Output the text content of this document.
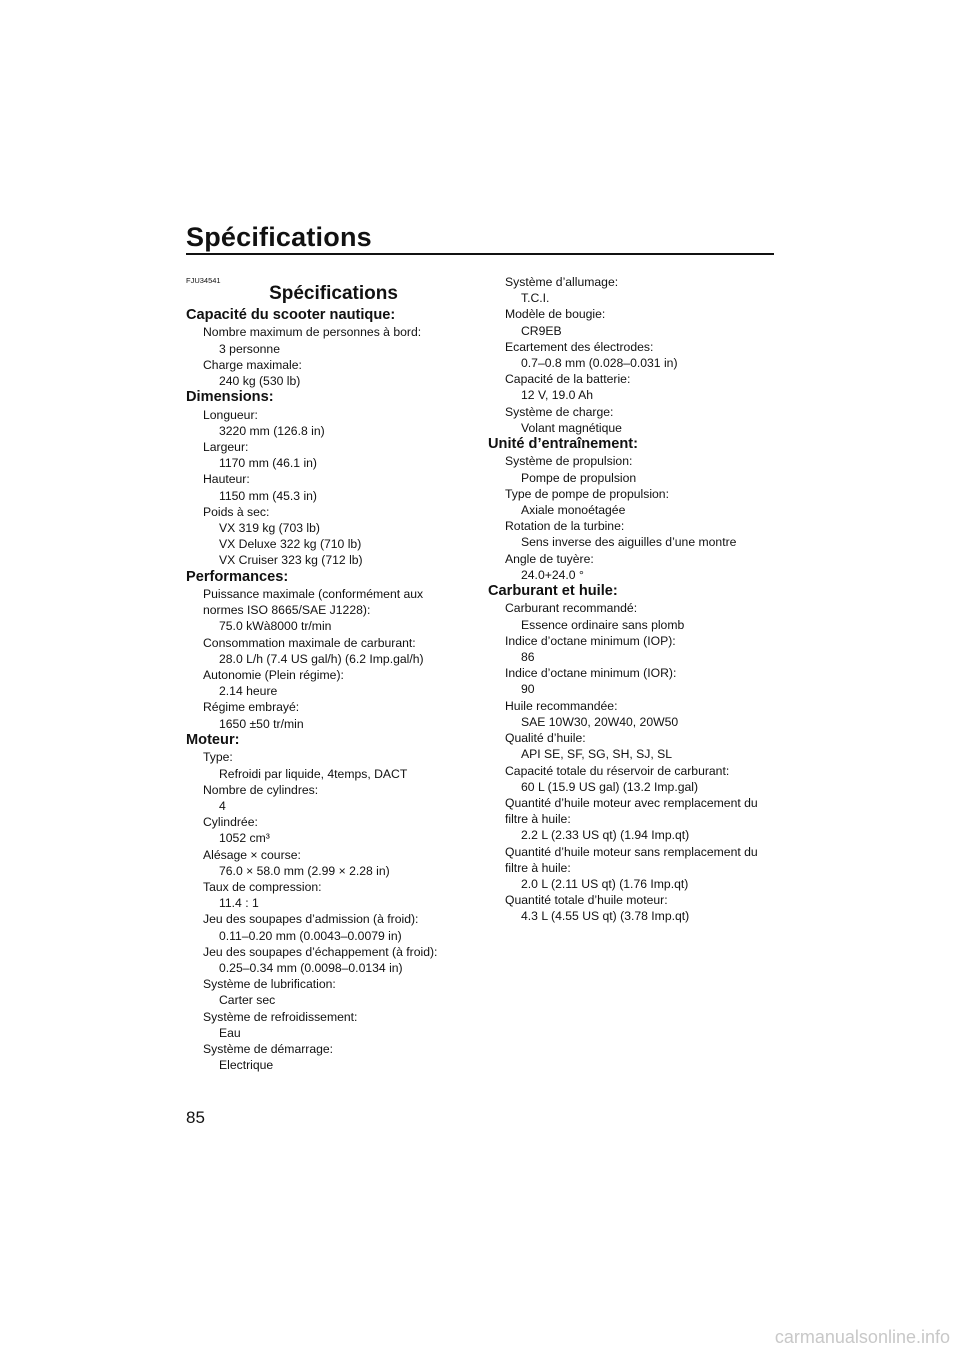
Spécifications
FJU34541
Spécifications
Capacité du scooter nautique:
Nombre maximum de personnes à bord:
3 personne
Charge maximale:
240 kg (530 lb)
Dimensions:
Longueur:
3220 mm (126.8 in)
Largeur:
1170 mm (46.1 in)
Hauteur:
1150 mm (45.3 in)
Poids à sec:
VX 319 kg (703 lb)
VX Deluxe 322 kg (710 lb)
VX Cruiser 323 kg (712 lb)
Performances:
Puissance maximale (conformément aux
normes ISO 8665/SAE J1228):
75.0 kWà8000 tr/min
Consommation maximale de carburant:
28.0 L/h (7.4 US gal/h) (6.2 Imp.gal/h)
Autonomie (Plein régime):
2.14 heure
Régime embrayé:
1650 ±50 tr/min
Moteur:
Type:
Refroidi par liquide, 4temps, DACT
Nombre de cylindres:
4
Cylindrée:
1052 cm³
Alésage × course:
76.0 × 58.0 mm (2.99 × 2.28 in)
Taux de compression:
11.4 : 1
Jeu des soupapes d’admission (à froid):
0.11–0.20 mm (0.0043–0.0079 in)
Jeu des soupapes d’échappement (à froid):
0.25–0.34 mm (0.0098–0.0134 in)
Système de lubrification:
Carter sec
Système de refroidissement:
Eau
Système de démarrage:
Electrique
Système d’allumage:
T.C.I.
Modèle de bougie:
CR9EB
Ecartement des électrodes:
0.7–0.8 mm (0.028–0.031 in)
Capacité de la batterie:
12 V, 19.0 Ah
Système de charge:
Volant magnétique
Unité d’entraînement:
Système de propulsion:
Pompe de propulsion
Type de pompe de propulsion:
Axiale monoétagée
Rotation de la turbine:
Sens inverse des aiguilles d’une montre
Angle de tuyère:
24.0+24.0 °
Carburant et huile:
Carburant recommandé:
Essence ordinaire sans plomb
Indice d’octane minimum (IOP):
86
Indice d’octane minimum (IOR):
90
Huile recommandée:
SAE 10W30, 20W40, 20W50
Qualité d’huile:
API SE, SF, SG, SH, SJ, SL
Capacité totale du réservoir de carburant:
60 L (15.9 US gal) (13.2 Imp.gal)
Quantité d’huile moteur avec remplacement du
filtre à huile:
2.2 L (2.33 US qt) (1.94 Imp.qt)
Quantité d’huile moteur sans remplacement du
filtre à huile:
2.0 L (2.11 US qt) (1.76 Imp.qt)
Quantité totale d’huile moteur:
4.3 L (4.55 US qt) (3.78 Imp.qt)
85
carmanualsonline.info
